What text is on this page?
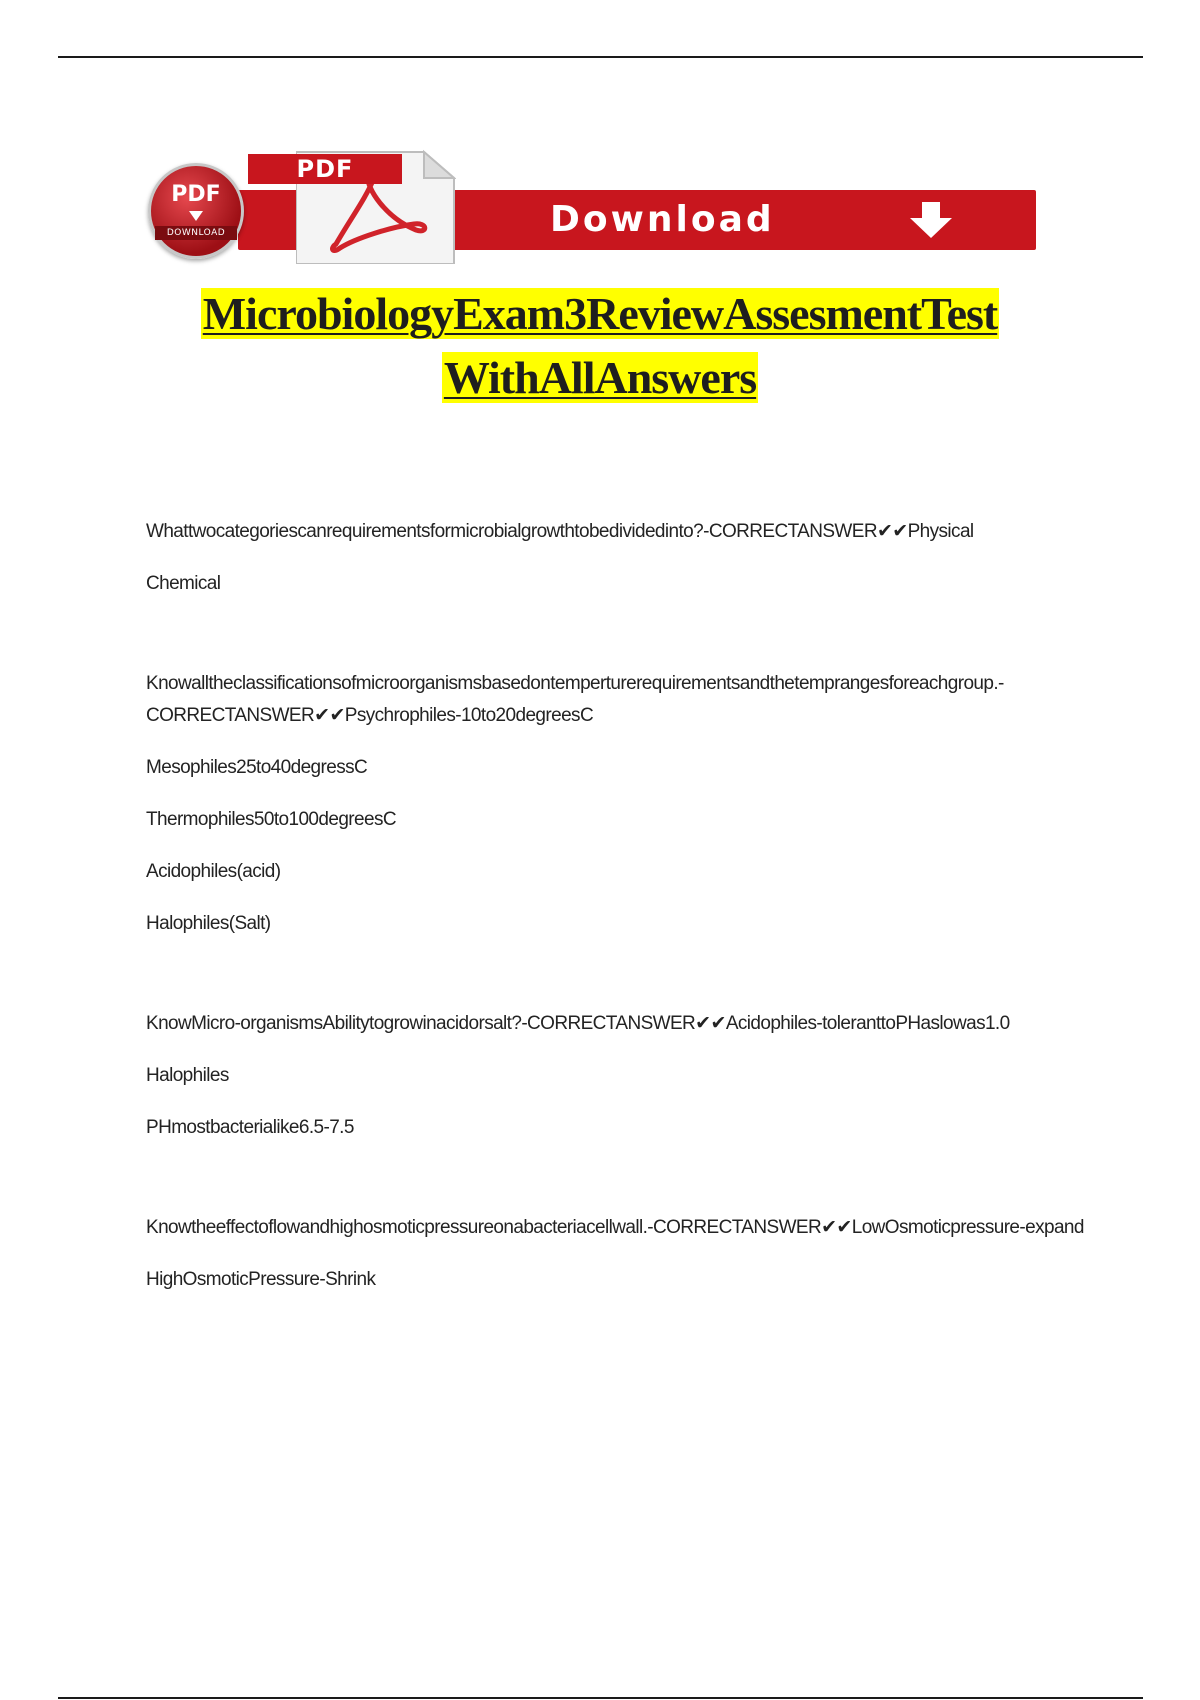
Download
PDF
DOWNLOAD
PDF
MicrobiologyExam3ReviewAssesmentTest
WithAllAnswers

Whattwocategoriescanrequirementsformicrobialgrowthtobedividedinto?-CORRECTANSWER✔✔Physical

Chemical

Knowalltheclassificationsofmicroorganismsbasedontemperturerequirementsandthetemprangesforeachgroup.-CORRECTANSWER✔✔Psychrophiles-10to20degreesC

Mesophiles25to40degressC

Thermophiles50to100degreesC

Acidophiles(acid)

Halophiles(Salt)

KnowMicro-organismsAbilitytogrowinacidorsalt?-CORRECTANSWER✔✔Acidophiles-toleranttoPHaslowas1.0

Halophiles

PHmostbacterialike6.5-7.5

Knowtheeffectoflowandhighosmoticpressureonabacteriacellwall.-CORRECTANSWER✔✔LowOsmoticpressure-expand

HighOsmoticPressure-Shrink
